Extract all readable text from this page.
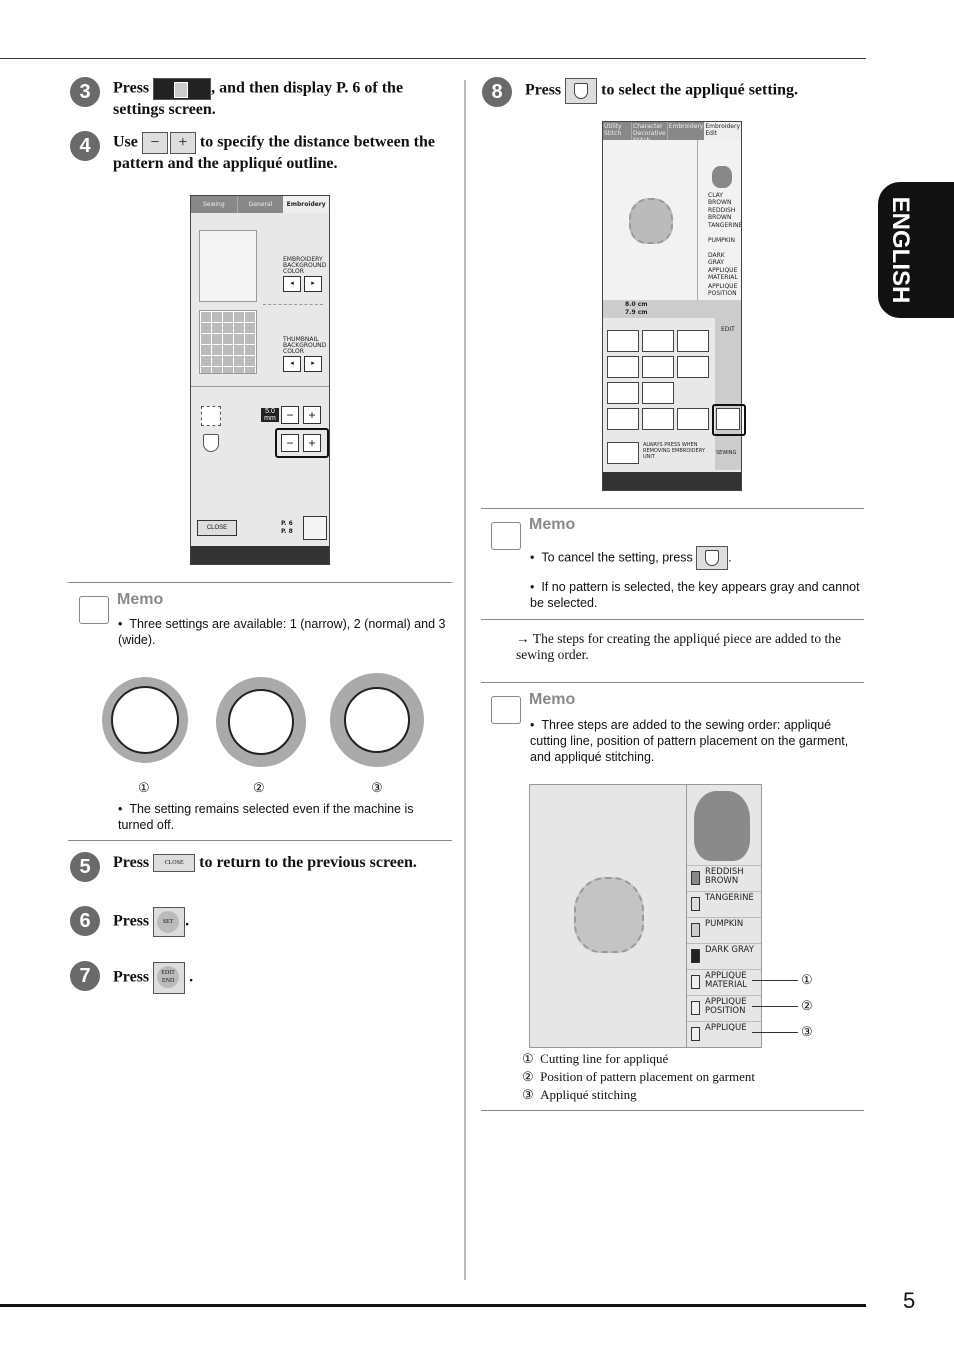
5
ENGLISH
3	Press	, and then display P. 6 of the settings screen.
4	Use − + to specify the distance between the pattern and the appliqué outline.
Sewing	General	Embroidery
EMBROIDERY
BACKGROUND
COLOR
◂	▸
THUMBNAIL
BACKGROUND
COLOR
◂	▸
5.0
mm −	+
−	+
CLOSE
P. 6
P. 8
Memo
•  Three settings are available: 1 (narrow), 2 (normal) and 3 (wide).
①	②	③
•  The setting remains selected even if the machine is turned off.
5	Press	CLOSE to return to the previous screen.
6	Press	SET .
7	Press	EDIT
END .
8	Press	to select the appliqué setting.
Utility Stitch
Character Decorative
Embroidery Embroidery Edit
CLAY BROWN
REDDISH BROWN
TANGERINE
PUMPKIN
DARK GRAY
APPLIQUE MATERIAL
APPLIQUE POSITION
8.0 cm
7.9 cm
ALWAYS PRESS WHEN REMOVING EMBROIDERY UNIT
EDIT
SEWING
Memo
•  To cancel the setting, press	.
•  If no pattern is selected, the key appears gray and cannot be selected.
→ The steps for creating the appliqué piece are added to the sewing order.
Memo
•  Three steps are added to the sewing order: appliqué cutting line, position of pattern placement on the garment, and appliqué stitching.
REDDISH BROWN
TANGERINE
PUMPKIN
DARK GRAY
APPLIQUE MATERIAL
APPLIQUE POSITION
APPLIQUE
①
②
③
① Cutting line for appliqué
② Position of pattern placement on garment
③ Appliqué stitching
